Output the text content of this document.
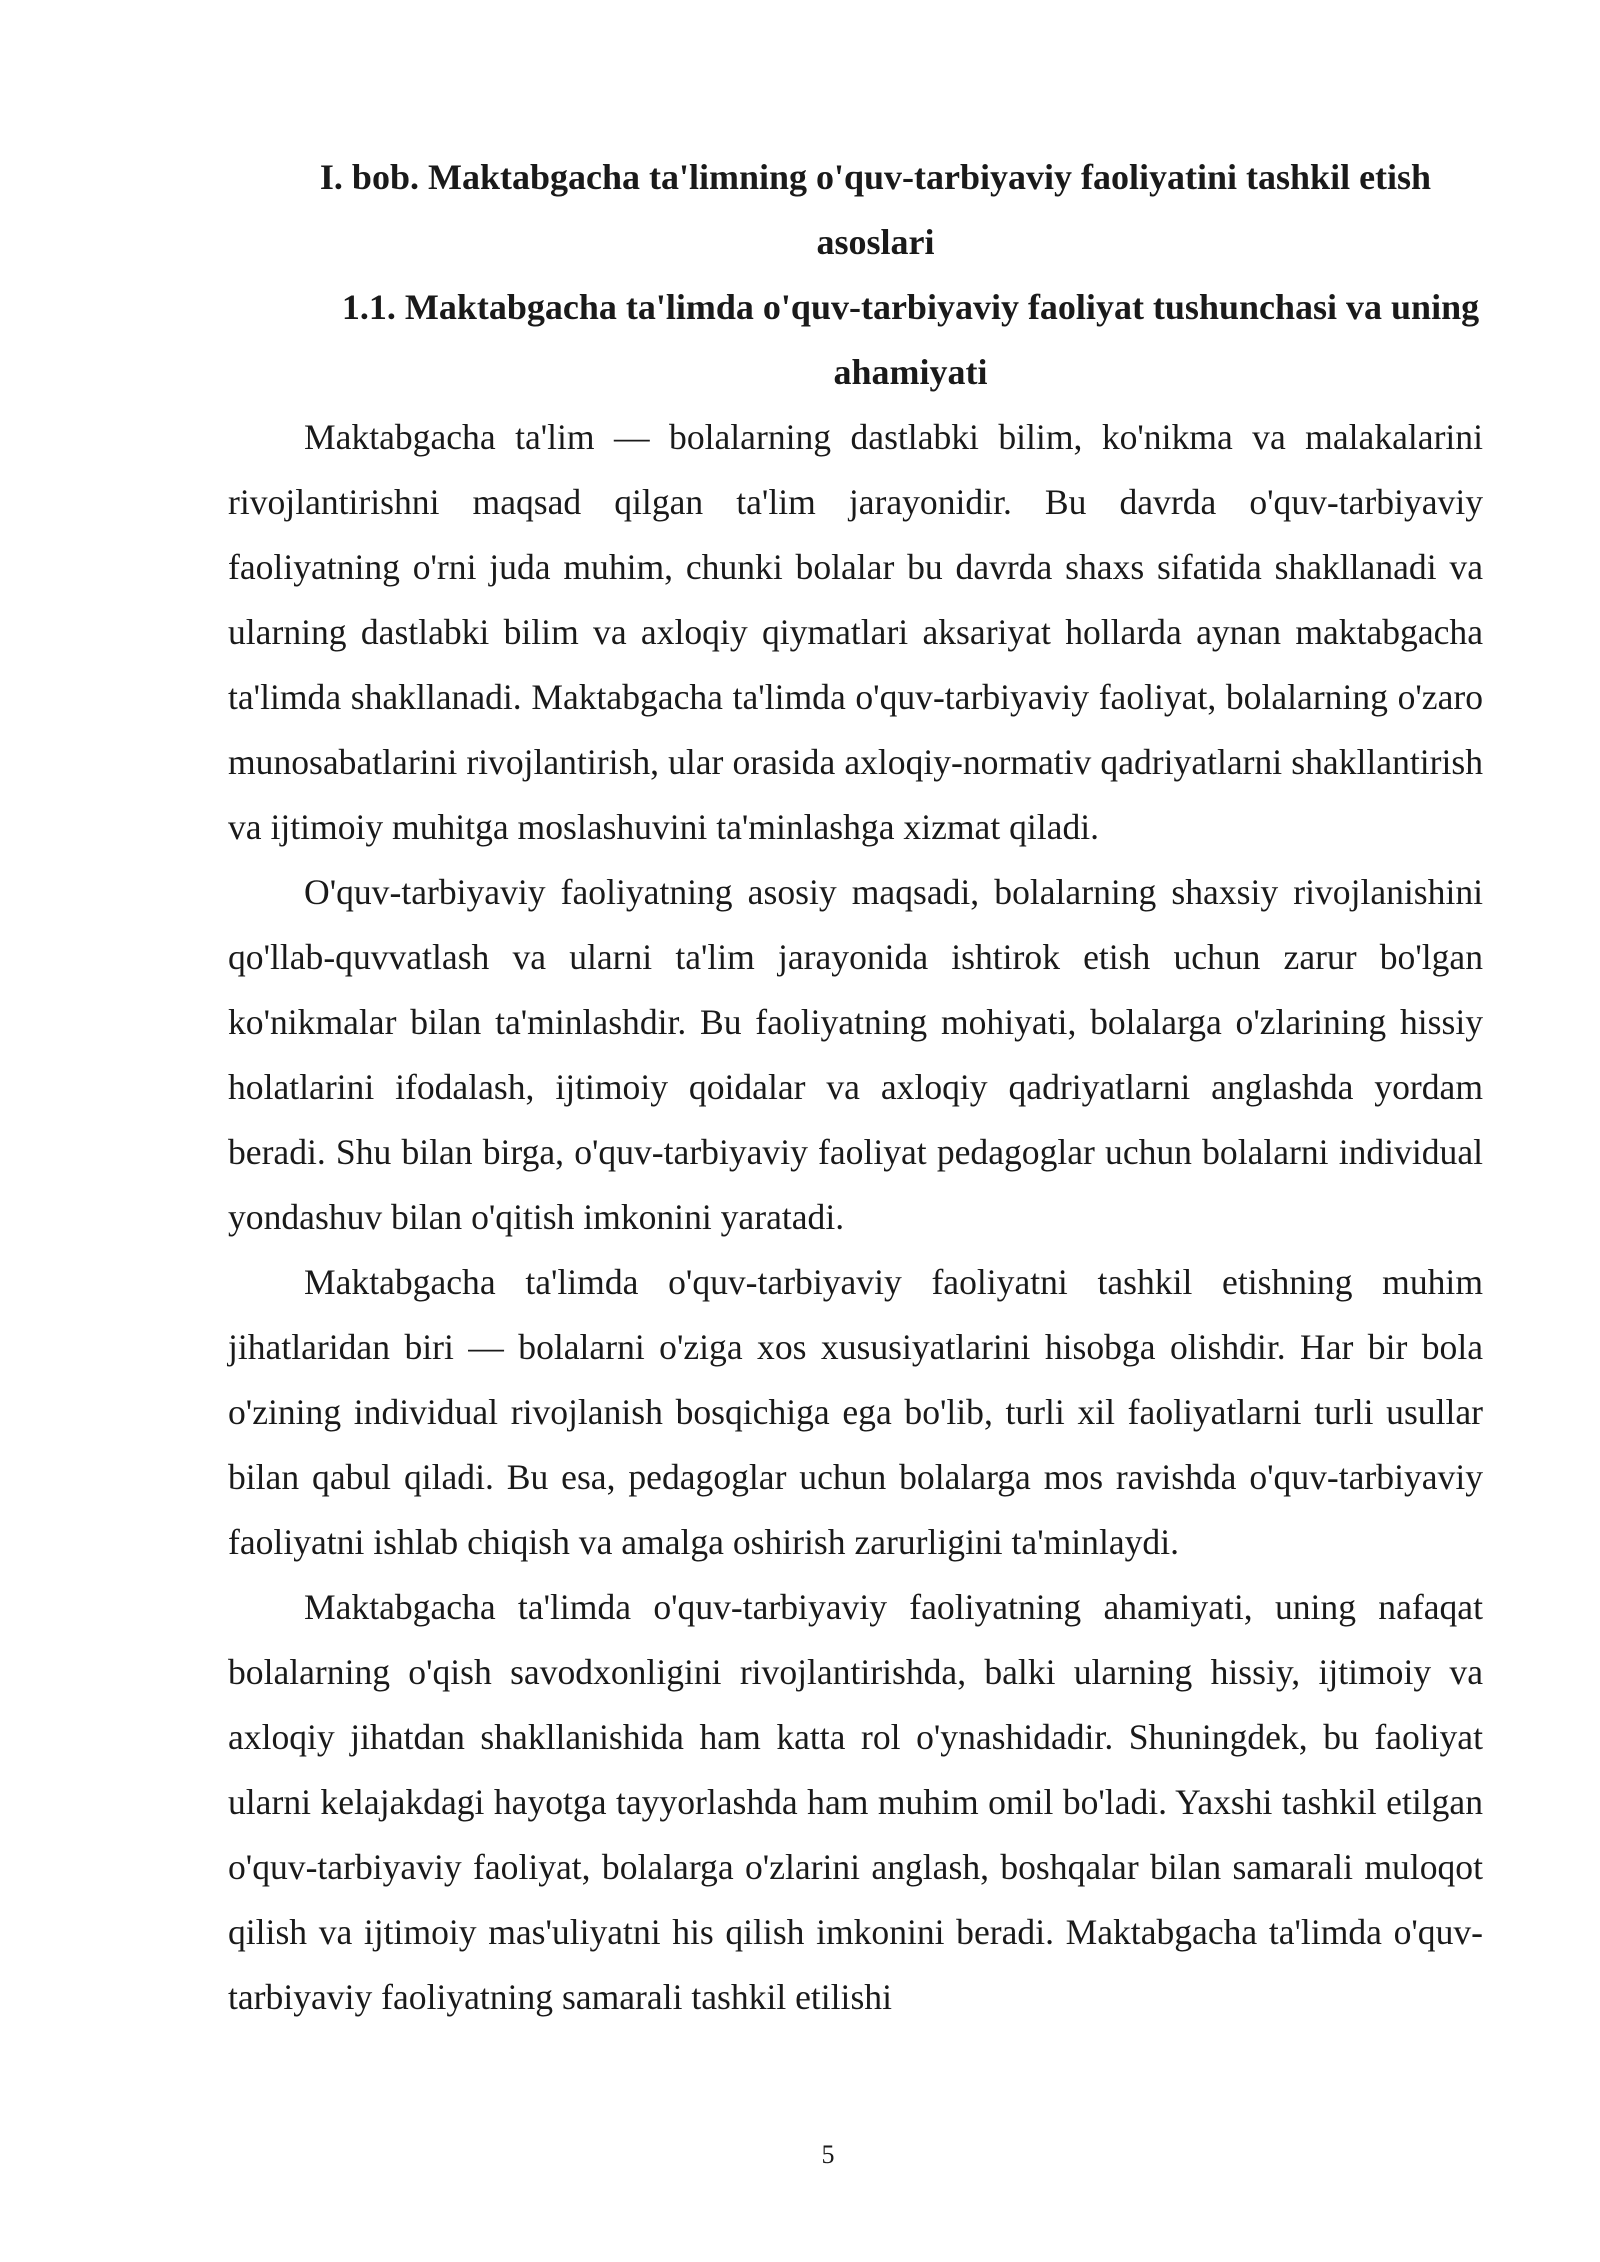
I. bob. Maktabgacha ta'limning o'quv-tarbiyaviy faoliyatini tashkil etish asoslari
1.1. Maktabgacha ta'limda o'quv-tarbiyaviy faoliyat tushunchasi va uning ahamiyati

Maktabgacha ta'lim — bolalarning dastlabki bilim, ko'nikma va malakalarini rivojlantirishni maqsad qilgan ta'lim jarayonidir. Bu davrda o'quv-tarbiyaviy faoliyatning o'rni juda muhim, chunki bolalar bu davrda shaxs sifatida shakllanadi va ularning dastlabki bilim va axloqiy qiymatlari aksariyat hollarda aynan maktabgacha ta'limda shakllanadi. Maktabgacha ta'limda o'quv-tarbiyaviy faoliyat, bolalarning o'zaro munosabatlarini rivojlantirish, ular orasida axloqiy-normativ qadriyatlarni shakllantirish va ijtimoiy muhitga moslashuvini ta'minlashga xizmat qiladi.

O'quv-tarbiyaviy faoliyatning asosiy maqsadi, bolalarning shaxsiy rivojlanishini qo'llab-quvvatlash va ularni ta'lim jarayonida ishtirok etish uchun zarur bo'lgan ko'nikmalar bilan ta'minlashdir. Bu faoliyatning mohiyati, bolalarga o'zlarining hissiy holatlarini ifodalash, ijtimoiy qoidalar va axloqiy qadriyatlarni anglashda yordam beradi. Shu bilan birga, o'quv-tarbiyaviy faoliyat pedagoglar uchun bolalarni individual yondashuv bilan o'qitish imkonini yaratadi.

Maktabgacha ta'limda o'quv-tarbiyaviy faoliyatni tashkil etishning muhim jihatlaridan biri — bolalarni o'ziga xos xususiyatlarini hisobga olishdir. Har bir bola o'zining individual rivojlanish bosqichiga ega bo'lib, turli xil faoliyatlarni turli usullar bilan qabul qiladi. Bu esa, pedagoglar uchun bolalarga mos ravishda o'quv-tarbiyaviy faoliyatni ishlab chiqish va amalga oshirish zarurligini ta'minlaydi.

Maktabgacha ta'limda o'quv-tarbiyaviy faoliyatning ahamiyati, uning nafaqat bolalarning o'qish savodxonligini rivojlantirishda, balki ularning hissiy, ijtimoiy va axloqiy jihatdan shakllanishida ham katta rol o'ynashidadir. Shuningdek, bu faoliyat ularni kelajakdagi hayotga tayyorlashda ham muhim omil bo'ladi. Yaxshi tashkil etilgan o'quv-tarbiyaviy faoliyat, bolalarga o'zlarini anglash, boshqalar bilan samarali muloqot qilish va ijtimoiy mas'uliyatni his qilish imkonini beradi. Maktabgacha ta'limda o'quv-tarbiyaviy faoliyatning samarali tashkil etilishi

5
